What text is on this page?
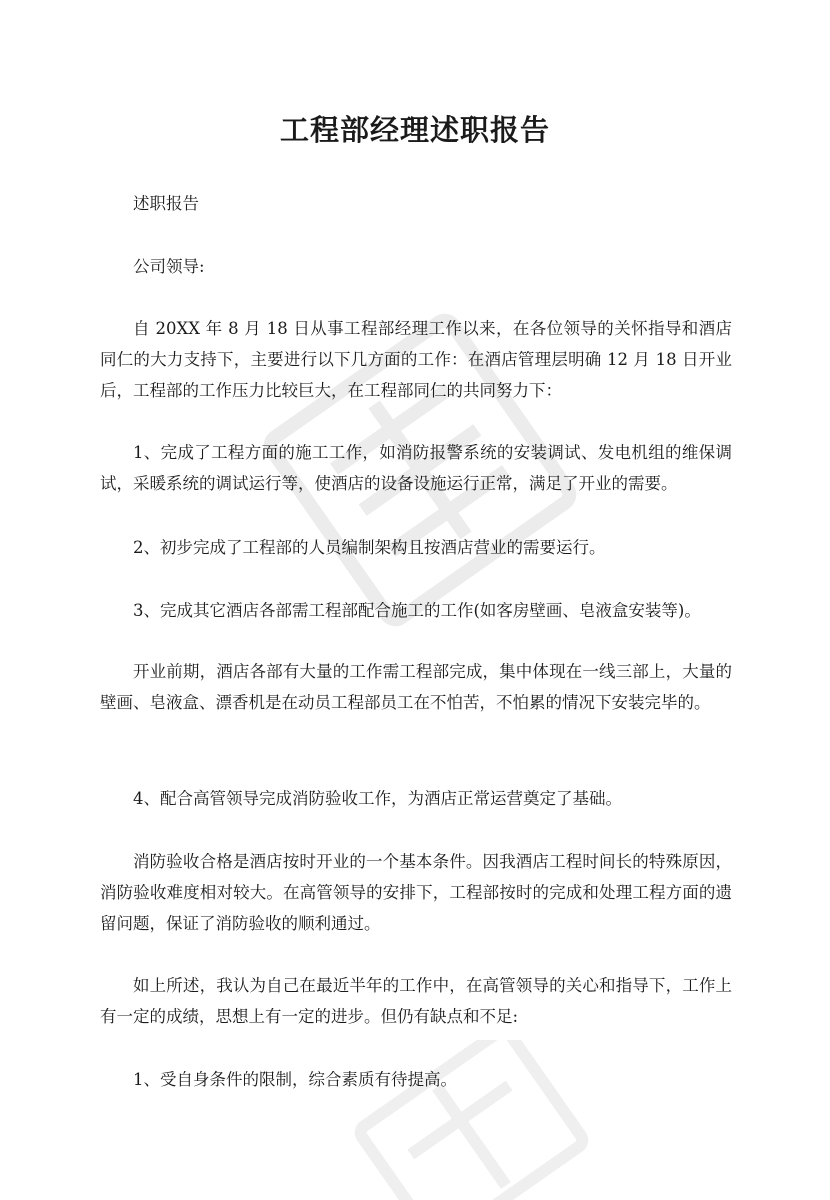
工程部经理述职报告

述职报告

公司领导:

自 20XX 年 8 月 18 日从事工程部经理工作以来，在各位领导的关怀指导和酒店同仁的大力支持下，主要进行以下几方面的工作：在酒店管理层明确 12 月 18 日开业后，工程部的工作压力比较巨大，在工程部同仁的共同努力下：

1、完成了工程方面的施工工作，如消防报警系统的安装调试、发电机组的维保调试，采暖系统的调试运行等，使酒店的设备设施运行正常，满足了开业的需要。

2、初步完成了工程部的人员编制架构且按酒店营业的需要运行。

3、完成其它酒店各部需工程部配合施工的工作(如客房壁画、皂液盒安装等)。

开业前期，酒店各部有大量的工作需工程部完成，集中体现在一线三部上，大量的壁画、皂液盒、漂香机是在动员工程部员工在不怕苦，不怕累的情况下安装完毕的。

4、配合高管领导完成消防验收工作，为酒店正常运营奠定了基础。

消防验收合格是酒店按时开业的一个基本条件。因我酒店工程时间长的特殊原因，消防验收难度相对较大。在高管领导的安排下，工程部按时的完成和处理工程方面的遗留问题，保证了消防验收的顺利通过。

如上所述，我认为自己在最近半年的工作中，在高管领导的关心和指导下，工作上有一定的成绩，思想上有一定的进步。但仍有缺点和不足:

1、受自身条件的限制，综合素质有待提高。
